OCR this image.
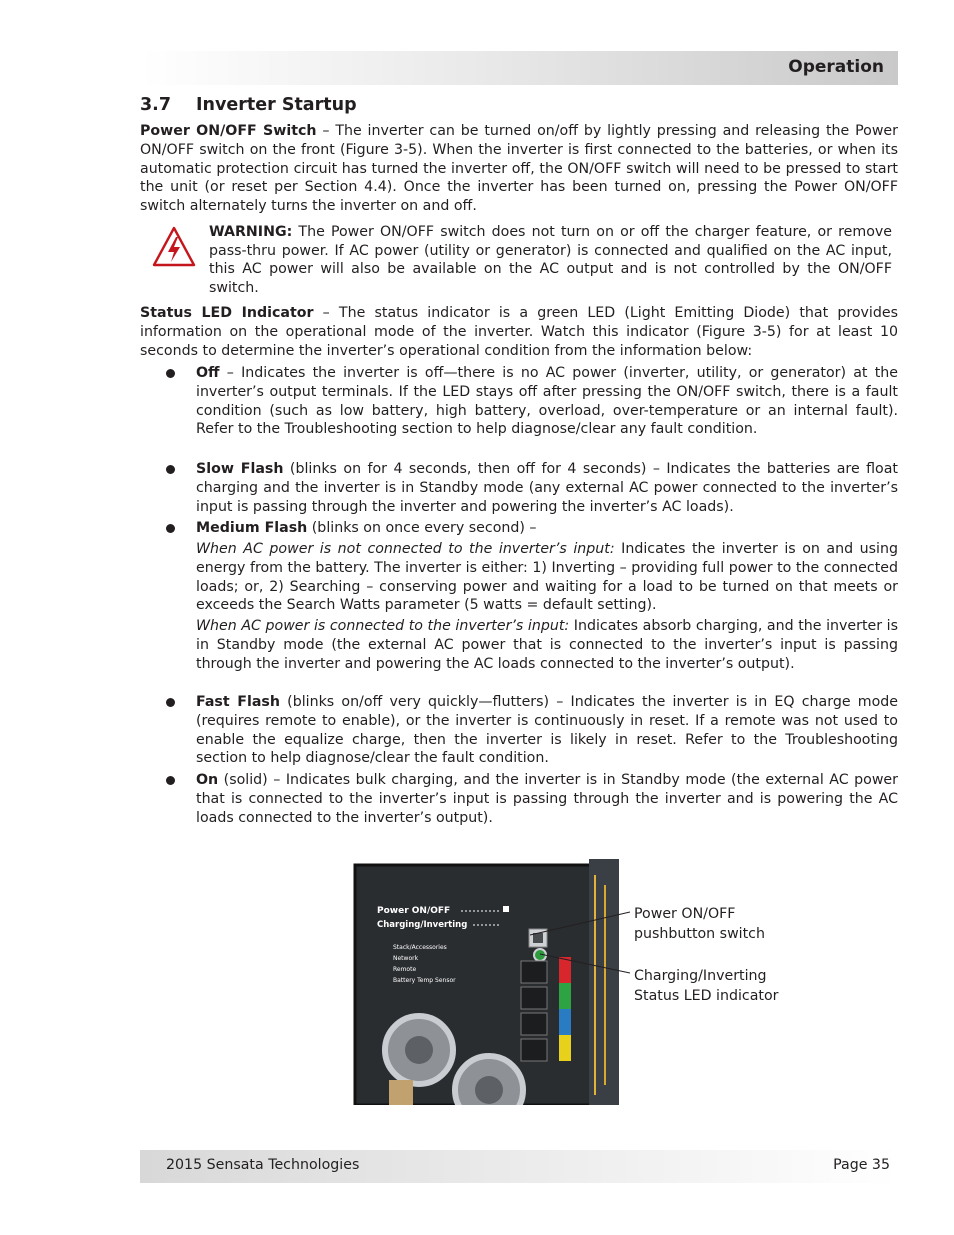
Operation
3.7 Inverter Startup

Power ON/OFF Switch – The inverter can be turned on/off by lightly pressing and releasing the Power ON/OFF switch on the front (Figure 3-5). When the inverter is first connected to the batteries, or when its automatic protection circuit has turned the inverter off, the ON/OFF switch will need to be pressed to start the unit (or reset per Section 4.4). Once the inverter has been turned on, pressing the Power ON/OFF switch alternately turns the inverter on and off.

WARNING: The Power ON/OFF switch does not turn on or off the charger feature, or remove pass-thru power. If AC power (utility or generator) is connected and qualified on the AC input, this AC power will also be available on the AC output and is not controlled by the ON/OFF switch.

Status LED Indicator – The status indicator is a green LED (Light Emitting Diode) that provides information on the operational mode of the inverter. Watch this indicator (Figure 3-5) for at least 10 seconds to determine the inverter’s operational condition from the information below:

Off – Indicates the inverter is off—there is no AC power (inverter, utility, or generator) at the inverter’s output terminals. If the LED stays off after pressing the ON/OFF switch, there is a fault condition (such as low battery, high battery, overload, over-temperature or an internal fault). Refer to the Troubleshooting section to help diagnose/clear any fault condition.

Slow Flash (blinks on for 4 seconds, then off for 4 seconds) – Indicates the batteries are float charging and the inverter is in Standby mode (any external AC power connected to the inverter’s input is passing through the inverter and powering the inverter’s AC loads).

Medium Flash (blinks on once every second) –

When AC power is not connected to the inverter’s input: Indicates the inverter is on and using energy from the battery. The inverter is either: 1) Inverting – providing full power to the connected loads; or, 2) Searching – conserving power and waiting for a load to be turned on that meets or exceeds the Search Watts parameter (5 watts = default setting).

When AC power is connected to the inverter’s input: Indicates absorb charging, and the inverter is in Standby mode (the external AC power that is connected to the inverter’s input is passing through the inverter and powering the AC loads connected to the inverter’s output).

Fast Flash (blinks on/off very quickly—flutters) – Indicates the inverter is in EQ charge mode (requires remote to enable), or the inverter is continuously in reset. If a remote was not used to enable the equalize charge, then the inverter is likely in reset. Refer to the Troubleshooting section to help diagnose/clear the fault condition.

On (solid) – Indicates bulk charging, and the inverter is in Standby mode (the external AC power that is connected to the inverter’s input is passing through the inverter and is powering the AC loads connected to the inverter’s output).

Power ON/OFF
Charging/Inverting
Stack/Accessories
Network
Remote
Battery Temp Sensor

Power ON/OFF
pushbutton switch

Charging/Inverting
Status LED indicator

2015 Sensata Technologies	Page 35
